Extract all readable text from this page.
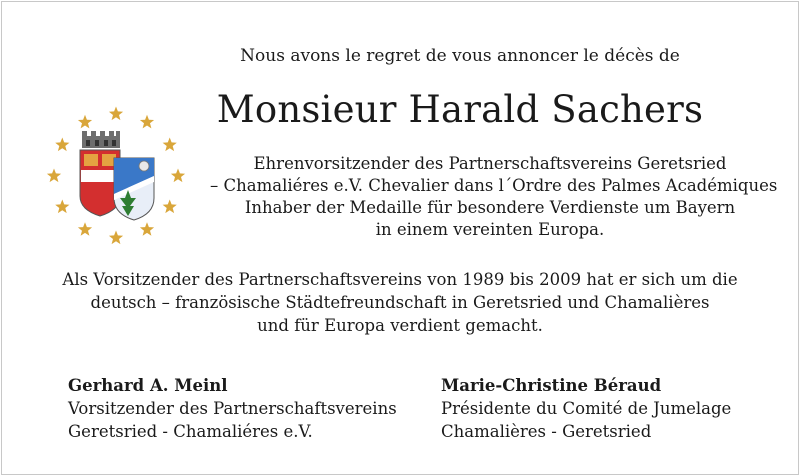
Nous avons le regret de vous annoncer le décès de
Monsieur Harald Sachers
Ehrenvorsitzender des Partnerschaftsvereins Geretsried
– Chamaliéres e.V. Chevalier dans l´Ordre des Palmes Académiques
Inhaber der Medaille für besondere Verdienste um Bayern
in einem vereinten Europa.
Als Vorsitzender des Partnerschaftsvereins von 1989 bis 2009 hat er sich um die
deutsch – französische Städtefreundschaft in Geretsried und Chamalières
und für Europa verdient gemacht.
Gerhard A. Meinl
Vorsitzender des Partnerschaftsvereins
Geretsried - Chamaliéres e.V.
Marie-Christine Béraud
Présidente du Comité de Jumelage
Chamalières - Geretsried
